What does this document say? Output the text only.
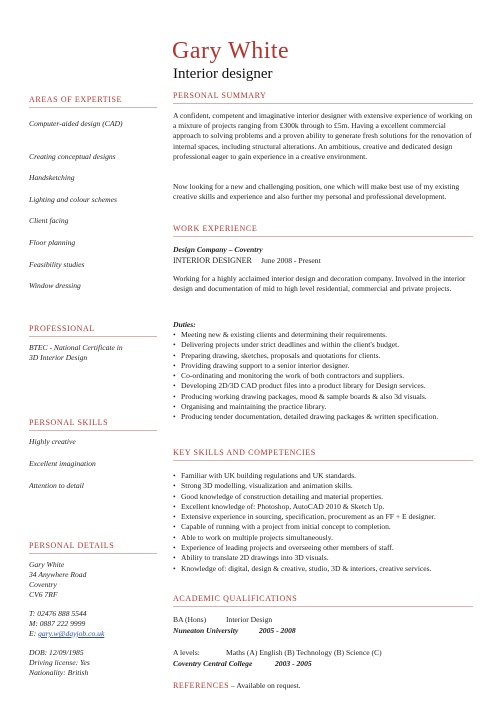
Gary White
Interior designer
AREAS OF EXPERTISE
Computer-aided design (CAD)
Creating conceptual designs
Handsketching
Lighting and colour schemes
Client facing
Floor planning
Feasibility studies
Window dressing
PROFESSIONAL
BTEC - National Certificate in 3D Interior Design
PERSONAL SKILLS
Highly creative
Excellent imagination
Attention to detail
PERSONAL DETAILS
Gary White
34 Anywhere Road
Coventry
CV6 7RF
T: 02476 888 5544
M: 0887 222 9999
E: gary.w@dayjob.co.uk
DOB: 12/09/1985
Driving license: Yes
Nationality: British
PERSONAL SUMMARY
A confident, competent and imaginative interior designer with extensive experience of working on a mixture of projects ranging from £300k through to £5m. Having a excellent commercial approach to solving problems and a proven ability to generate fresh solutions for the renovation of internal spaces, including structural alterations. An ambitious, creative and dedicated design professional eager to gain experience in a creative environment.
Now looking for a new and challenging position, one which will make best use of my existing creative skills and experience and also further my personal and professional development.
WORK EXPERIENCE
Design Company – Coventry
INTERIOR DESIGNER June 2008 - Present
Working for a highly acclaimed interior design and decoration company. Involved in the interior design and documentation of mid to high level residential, commercial and private projects.
Duties:
• Meeting new & existing clients and determining their requirements.
• Delivering projects under strict deadlines and within the client's budget.
• Preparing drawing, sketches, proposals and quotations for clients.
• Providing drawing support to a senior interior designer.
• Co-ordinating and monitoring the work of both contractors and suppliers.
• Developing 2D/3D CAD product files into a product library for Design services.
• Producing working drawing packages, mood & sample boards & also 3d visuals.
• Organising and maintaining the practice library.
• Producing tender documentation, detailed drawing packages & written specification.
KEY SKILLS AND COMPETENCIES
• Familiar with UK building regulations and UK standards.
• Strong 3D modelling, visualization and animation skills.
• Good knowledge of construction detailing and material properties.
• Excellent knowledge of: Photoshop, AutoCAD 2010 & Sketch Up.
• Extensive experience in sourcing, specification, procurement as an FF + E designer.
• Capable of running with a project from initial concept to completion.
• Able to work on multiple projects simultaneously.
• Experience of leading projects and overseeing other members of staff.
• Ability to translate 2D drawings into 3D visuals.
• Knowledge of: digital, design & creative, studio, 3D & interiors, creative services.
ACADEMIC QUALIFICATIONS
BA (Hons)	Interior Design
Nuneaton University	2005 - 2008
A levels:	Maths (A) English (B) Technology (B) Science (C)
Coventry Central College	2003 - 2005
REFERENCES – Available on request.
